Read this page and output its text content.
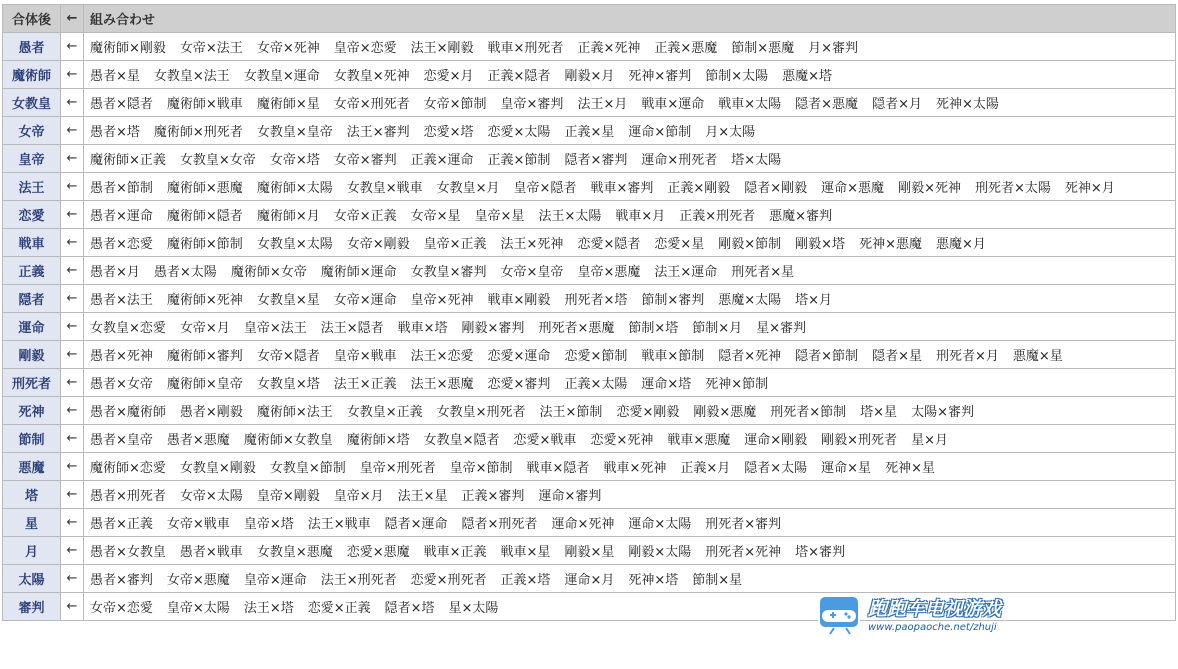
合体後	←	組み合わせ
愚者	←	魔術師×剛毅 女帝×法王 女帝×死神 皇帝×恋愛 法王×剛毅 戦車×刑死者 正義×死神 正義×悪魔 節制×悪魔 月×審判
魔術師	←	愚者×星 女教皇×法王 女教皇×運命 女教皇×死神 恋愛×月 正義×隠者 剛毅×月 死神×審判 節制×太陽 悪魔×塔
女教皇	←	愚者×隠者 魔術師×戦車 魔術師×星 女帝×刑死者 女帝×節制 皇帝×審判 法王×月 戦車×運命 戦車×太陽 隠者×悪魔 隠者×月 死神×太陽
女帝	←	愚者×塔 魔術師×刑死者 女教皇×皇帝 法王×審判 恋愛×塔 恋愛×太陽 正義×星 運命×節制 月×太陽
皇帝	←	魔術師×正義 女教皇×女帝 女帝×塔 女帝×審判 正義×運命 正義×節制 隠者×審判 運命×刑死者 塔×太陽
法王	←	愚者×節制 魔術師×悪魔 魔術師×太陽 女教皇×戦車 女教皇×月 皇帝×隠者 戦車×審判 正義×剛毅 隠者×剛毅 運命×悪魔 剛毅×死神 刑死者×太陽 死神×月
恋愛	←	愚者×運命 魔術師×隠者 魔術師×月 女帝×正義 女帝×星 皇帝×星 法王×太陽 戦車×月 正義×刑死者 悪魔×審判
戦車	←	愚者×恋愛 魔術師×節制 女教皇×太陽 女帝×剛毅 皇帝×正義 法王×死神 恋愛×隠者 恋愛×星 剛毅×節制 剛毅×塔 死神×悪魔 悪魔×月
正義	←	愚者×月 愚者×太陽 魔術師×女帝 魔術師×運命 女教皇×審判 女帝×皇帝 皇帝×悪魔 法王×運命 刑死者×星
隠者	←	愚者×法王 魔術師×死神 女教皇×星 女帝×運命 皇帝×死神 戦車×剛毅 刑死者×塔 節制×審判 悪魔×太陽 塔×月
運命	←	女教皇×恋愛 女帝×月 皇帝×法王 法王×隠者 戦車×塔 剛毅×審判 刑死者×悪魔 節制×塔 節制×月 星×審判
剛毅	←	愚者×死神 魔術師×審判 女帝×隠者 皇帝×戦車 法王×恋愛 恋愛×運命 恋愛×節制 戦車×節制 隠者×死神 隠者×節制 隠者×星 刑死者×月 悪魔×星
刑死者	←	愚者×女帝 魔術師×皇帝 女教皇×塔 法王×正義 法王×悪魔 恋愛×審判 正義×太陽 運命×塔 死神×節制
死神	←	愚者×魔術師 愚者×剛毅 魔術師×法王 女教皇×正義 女教皇×刑死者 法王×節制 恋愛×剛毅 剛毅×悪魔 刑死者×節制 塔×星 太陽×審判
節制	←	愚者×皇帝 愚者×悪魔 魔術師×女教皇 魔術師×塔 女教皇×隠者 恋愛×戦車 恋愛×死神 戦車×悪魔 運命×剛毅 剛毅×刑死者 星×月
悪魔	←	魔術師×恋愛 女教皇×剛毅 女教皇×節制 皇帝×刑死者 皇帝×節制 戦車×隠者 戦車×死神 正義×月 隠者×太陽 運命×星 死神×星
塔	←	愚者×刑死者 女帝×太陽 皇帝×剛毅 皇帝×月 法王×星 正義×審判 運命×審判
星	←	愚者×正義 女帝×戦車 皇帝×塔 法王×戦車 隠者×運命 隠者×刑死者 運命×死神 運命×太陽 刑死者×審判
月	←	愚者×女教皇 愚者×戦車 女教皇×悪魔 恋愛×悪魔 戦車×正義 戦車×星 剛毅×星 剛毅×太陽 刑死者×死神 塔×審判
太陽	←	愚者×審判 女帝×悪魔 皇帝×運命 法王×刑死者 恋愛×刑死者 正義×塔 運命×月 死神×塔 節制×星
審判	←	女帝×恋愛 皇帝×太陽 法王×塔 恋愛×正義 隠者×塔 星×太陽	跑跑车电视游戏
www.paopaoche.net/zhuji
